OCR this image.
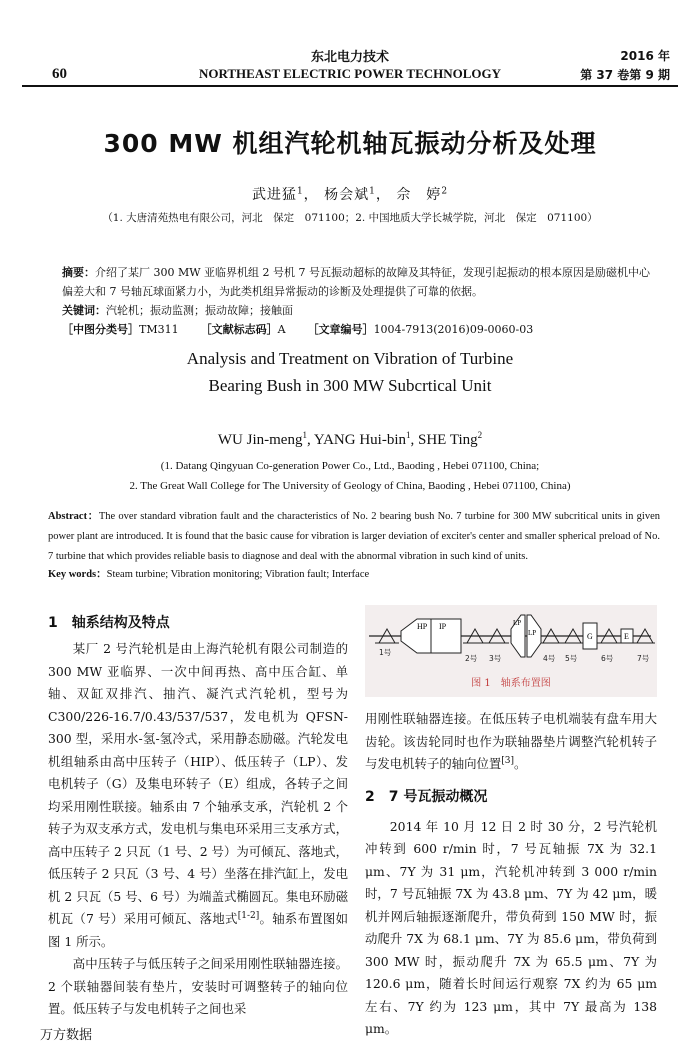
60
东北电力技术
NORTHEAST ELECTRIC POWER TECHNOLOGY
2016 年
第 37 卷第 9 期
300 MW 机组汽轮机轴瓦振动分析及处理
武进猛$^1$， 杨会斌$^1$， 佘　婷$^2$
（1. 大唐清苑热电有限公司，河北　保定　071100；2. 中国地质大学长城学院，河北　保定　071100）
摘要：介绍了某厂 300 MW 亚临界机组 2 号机 7 号瓦振动超标的故障及其特征，发现引起振动的根本原因是励磁机中心偏差大和 7 号轴瓦球面紧力小，为此类机组异常振动的诊断及处理提供了可靠的依据。
关键词：汽轮机；振动监测；振动故障；接触面
［中图分类号］TM311 ［文献标志码］A ［文章编号］1004-7913(2016)09-0060-03
Analysis and Treatment on Vibration of Turbine
Bearing Bush in 300 MW Subcrtical Unit
WU Jin-meng$^1$, YANG Hui-bin$^1$, SHE Ting$^2$
(1. Datang Qingyuan Co-generation Power Co., Ltd., Baoding , Hebei 071100, China;
2. The Great Wall College for The University of Geology of China, Baoding , Hebei 071100, China)
Abstract：The over standard vibration fault and the characteristics of No. 2 bearing bush No. 7 turbine for 300 MW subcritical units in given power plant are introduced. It is found that the basic cause for vibration is larger deviation of exciter's center and smaller spherical preload of No. 7 turbine that which provides reliable basis to diagnose and deal with the abnormal vibration in such kind of units.
Key words：Steam turbine; Vibration monitoring; Vibration fault; Interface
1　轴系结构及特点

某厂 2 号汽轮机是由上海汽轮机有限公司制造的 300 MW 亚临界、一次中间再热、高中压合缸、单轴、双缸双排汽、抽汽、凝汽式汽轮机，型号为 C300/226-16.7/0.43/537/537，发电机为 QFSN-300 型，采用水-氢-氢冷式，采用静态励磁。汽轮发电机组轴系由高中压转子（HIP）、低压转子（LP）、发电机转子（G）及集电环转子（E）组成，各转子之间均采用刚性联接。轴系由 7 个轴承支承，汽轮机 2 个转子为双支承方式，发电机与集电环采用三支承方式，高中压转子 2 只瓦（1 号、2 号）为可倾瓦、落地式，低压转子 2 只瓦（3 号、4 号）坐落在排汽缸上，发电机 2 只瓦（5 号、6 号）为端盖式椭圆瓦。集电环励磁机瓦（7 号）采用可倾瓦、落地式[1-2]。轴系布置图如图 1 所示。

高中压转子与低压转子之间采用刚性联轴器连接。2 个联轴器间装有垫片，安装时可调整转子的轴向位置。低压转子与发电机转子之间也采

HP IP	LP
LP	G	E
1号
2号 3号	4号 5号	6号	7号
图 1　轴系布置图
用刚性联轴器连接。在低压转子电机端装有盘车用大齿轮。该齿轮同时也作为联轴器垫片调整汽轮机转子与发电机转子的轴向位置[3]。
2　7 号瓦振动概况

2014 年 10 月 12 日 2 时 30 分，2 号汽轮机冲转到 600 r/min 时，7 号瓦轴振 7X 为 32.1 μm、7Y 为 31 μm，汽轮机冲转到 3 000 r/min 时，7 号瓦轴振 7X 为 43.8 μm、7Y 为 42 μm，暖机并网后轴振逐渐爬升，带负荷到 150 MW 时，振动爬升 7X 为 68.1 μm、7Y 为 85.6 μm，带负荷到 300 MW 时，振动爬升 7X 为 65.5 μm、7Y 为 120.6 μm，随着长时间运行观察 7X 约为 65 μm 左右、7Y 约为 123 μm，其中 7Y 最高为 138 μm。

万方数据
